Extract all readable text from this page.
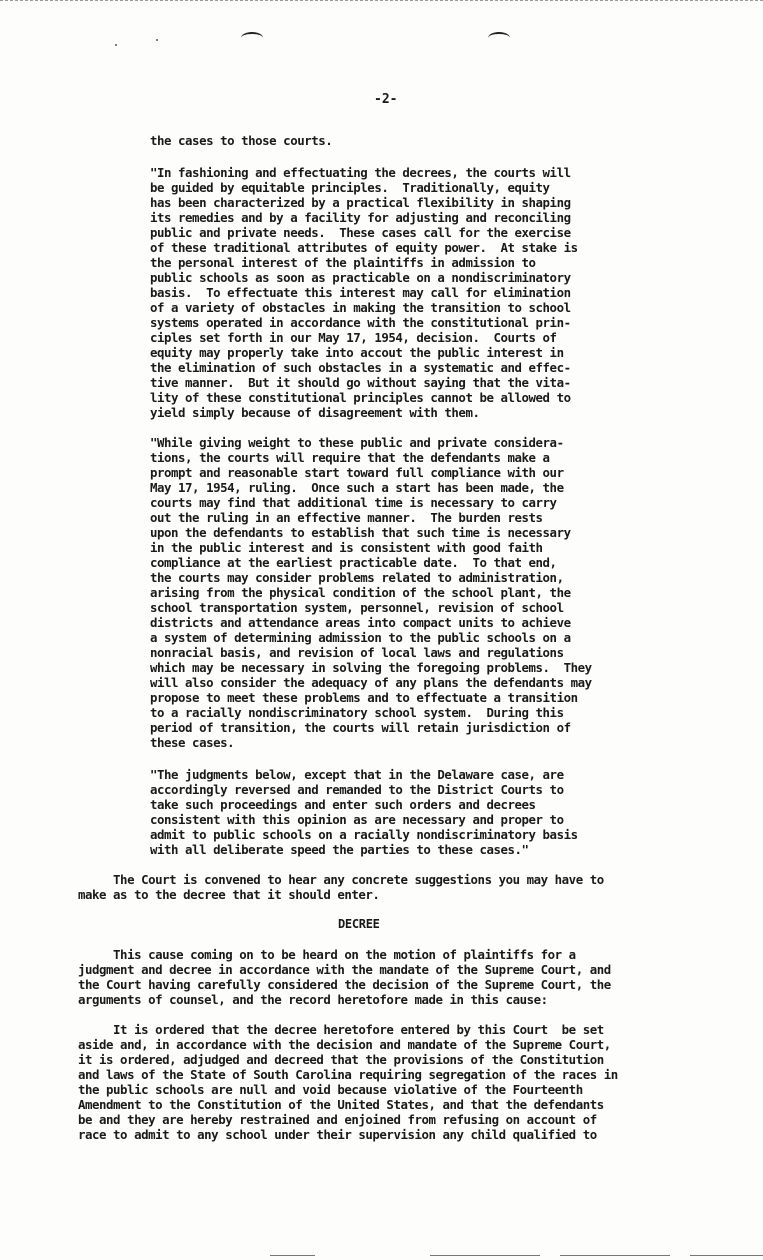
-2-
the cases to those courts.
"In fashioning and effectuating the decrees, the courts will
be guided by equitable principles.  Traditionally, equity
has been characterized by a practical flexibility in shaping
its remedies and by a facility for adjusting and reconciling
public and private needs.  These cases call for the exercise
of these traditional attributes of equity power.  At stake is
the personal interest of the plaintiffs in admission to
public schools as soon as practicable on a nondiscriminatory
basis.  To effectuate this interest may call for elimination
of a variety of obstacles in making the transition to school
systems operated in accordance with the constitutional prin-
ciples set forth in our May 17, 1954, decision.  Courts of
equity may properly take into accout the public interest in
the elimination of such obstacles in a systematic and effec-
tive manner.  But it should go without saying that the vita-
lity of these constitutional principles cannot be allowed to
yield simply because of disagreement with them.
"While giving weight to these public and private considera-
tions, the courts will require that the defendants make a
prompt and reasonable start toward full compliance with our
May 17, 1954, ruling.  Once such a start has been made, the
courts may find that additional time is necessary to carry
out the ruling in an effective manner.  The burden rests
upon the defendants to establish that such time is necessary
in the public interest and is consistent with good faith
compliance at the earliest practicable date.  To that end,
the courts may consider problems related to administration,
arising from the physical condition of the school plant, the
school transportation system, personnel, revision of school
districts and attendance areas into compact units to achieve
a system of determining admission to the public schools on a
nonracial basis, and revision of local laws and regulations
which may be necessary in solving the foregoing problems.  They
will also consider the adequacy of any plans the defendants may
propose to meet these problems and to effectuate a transition
to a racially nondiscriminatory school system.  During this
period of transition, the courts will retain jurisdiction of
these cases.
"The judgments below, except that in the Delaware case, are
accordingly reversed and remanded to the District Courts to
take such proceedings and enter such orders and decrees
consistent with this opinion as are necessary and proper to
admit to public schools on a racially nondiscriminatory basis
with all deliberate speed the parties to these cases."
The Court is convened to hear any concrete suggestions you may have to
make as to the decree that it should enter.
DECREE
This cause coming on to be heard on the motion of plaintiffs for a
judgment and decree in accordance with the mandate of the Supreme Court, and
the Court having carefully considered the decision of the Supreme Court, the
arguments of counsel, and the record heretofore made in this cause:
It is ordered that the decree heretofore entered by this Court  be set
aside and, in accordance with the decision and mandate of the Supreme Court,
it is ordered, adjudged and decreed that the provisions of the Constitution
and laws of the State of South Carolina requiring segregation of the races in
the public schools are null and void because violative of the Fourteenth
Amendment to the Constitution of the United States, and that the defendants
be and they are hereby restrained and enjoined from refusing on account of
race to admit to any school under their supervision any child qualified to
